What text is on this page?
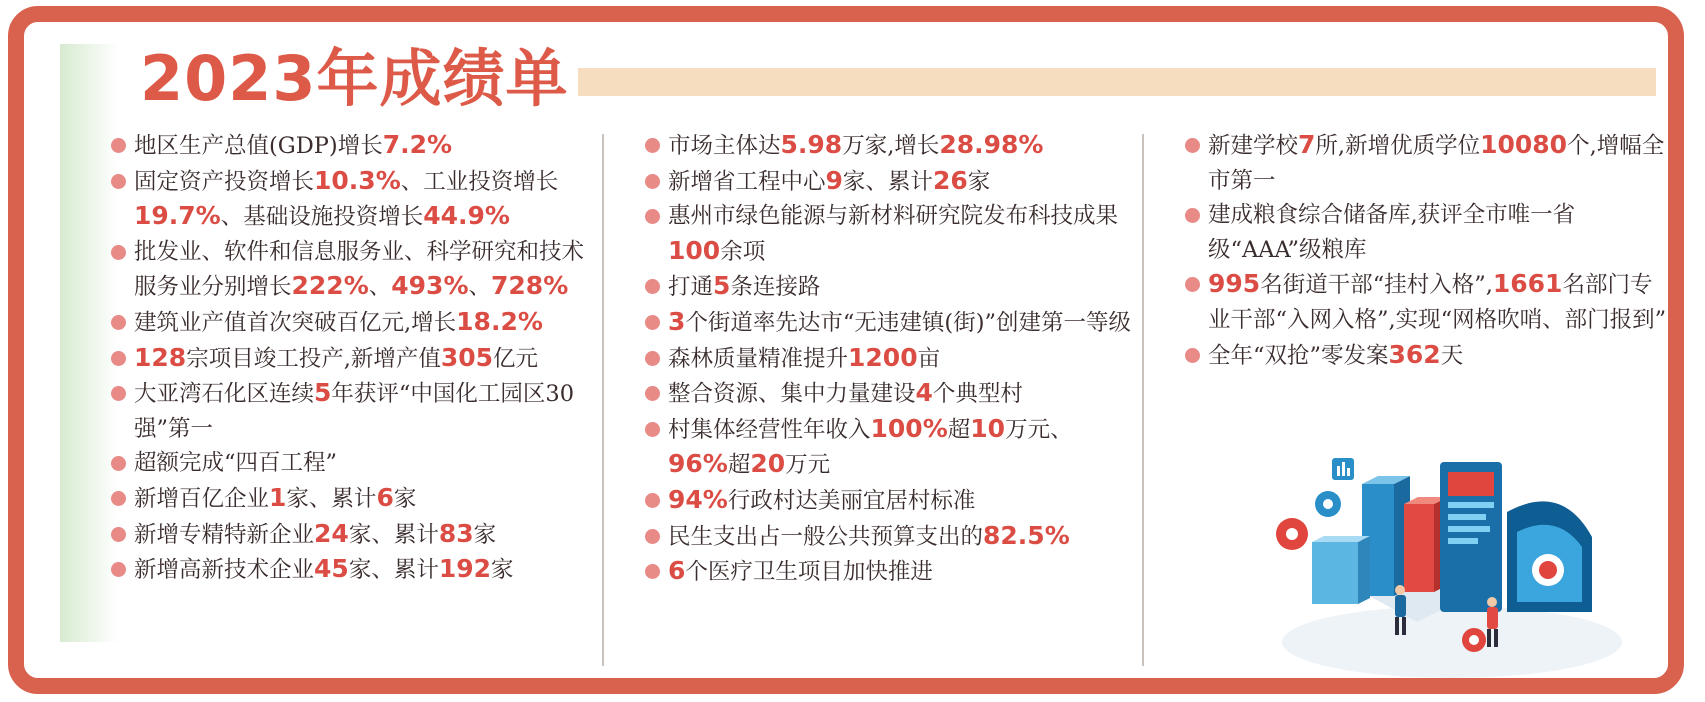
2023年成绩单
地区生产总值(GDP)增长7.2%
固定资产投资增长10.3%、工业投资增长19.7%、基础设施投资增长44.9%
批发业、软件和信息服务业、科学研究和技术服务业分别增长222%、493%、728%
建筑业产值首次突破百亿元,增长18.2%
128宗项目竣工投产,新增产值305亿元
大亚湾石化区连续5年获评“中国化工园区30强”第一
超额完成“四百工程”
新增百亿企业1家、累计6家
新增专精特新企业24家、累计83家
新增高新技术企业45家、累计192家
市场主体达5.98万家,增长28.98%
新增省工程中心9家、累计26家
惠州市绿色能源与新材料研究院发布科技成果100余项
打通5条连接路
3个街道率先达市“无违建镇(街)”创建第一等级
森林质量精准提升1200亩
整合资源、集中力量建设4个典型村
村集体经营性年收入100%超10万元、96%超20万元
94%行政村达美丽宜居村标准
民生支出占一般公共预算支出的82.5%
6个医疗卫生项目加快推进
新建学校7所,新增优质学位10080个,增幅全市第一
建成粮食综合储备库,获评全市唯一省级“AAA”级粮库
995名街道干部“挂村入格”,1661名部门专业干部“入网入格”,实现“网格吹哨、部门报到”
全年“双抢”零发案362天
